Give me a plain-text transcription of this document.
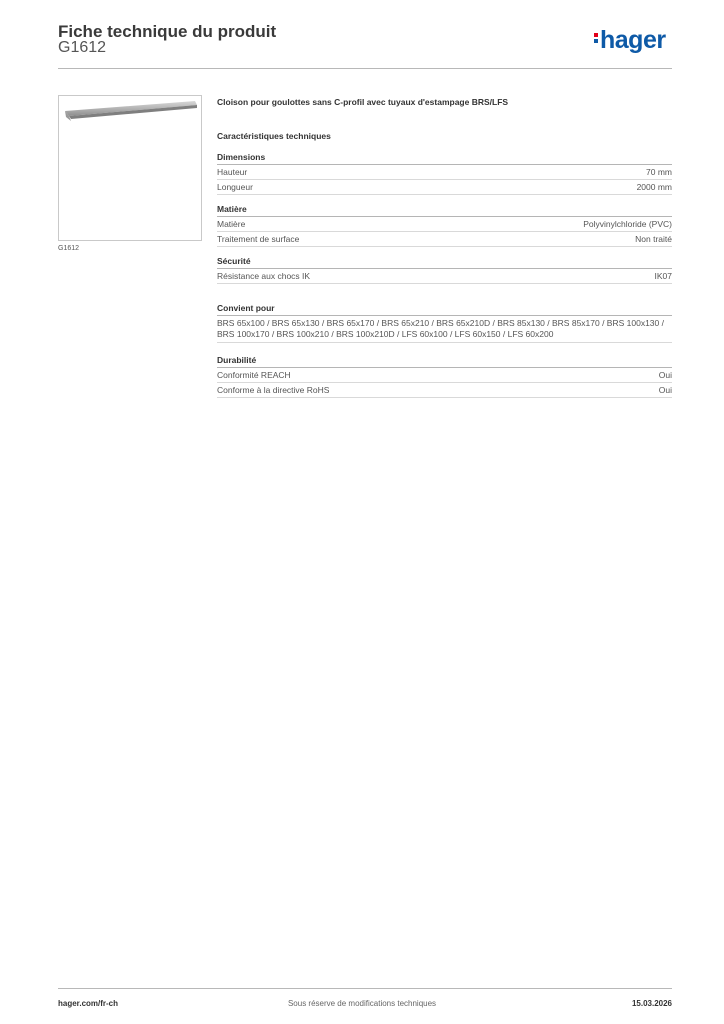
Fiche technique du produit
G1612	hager
G1612
Cloison pour goulottes sans C-profil avec tuyaux d'estampage BRS/LFS
Caractéristiques techniques
Dimensions
Hauteur	70 mm
Longueur	2000 mm
Matière
Matière	Polyvinylchloride (PVC)
Traitement de surface	Non traité
Sécurité
Résistance aux chocs IK	IK07
Convient pour
BRS 65x100 / BRS 65x130 / BRS 65x170 / BRS 65x210 / BRS 65x210D / BRS 85x130 / BRS 85x170 / BRS 100x130 / BRS 100x170 / BRS 100x210 / BRS 100x210D / LFS 60x100 / LFS 60x150 / LFS 60x200
Durabilité
Conformité REACH	Oui
Conforme à la directive RoHS	Oui
hager.com/fr-ch	Sous réserve de modifications techniques	15.03.2026
